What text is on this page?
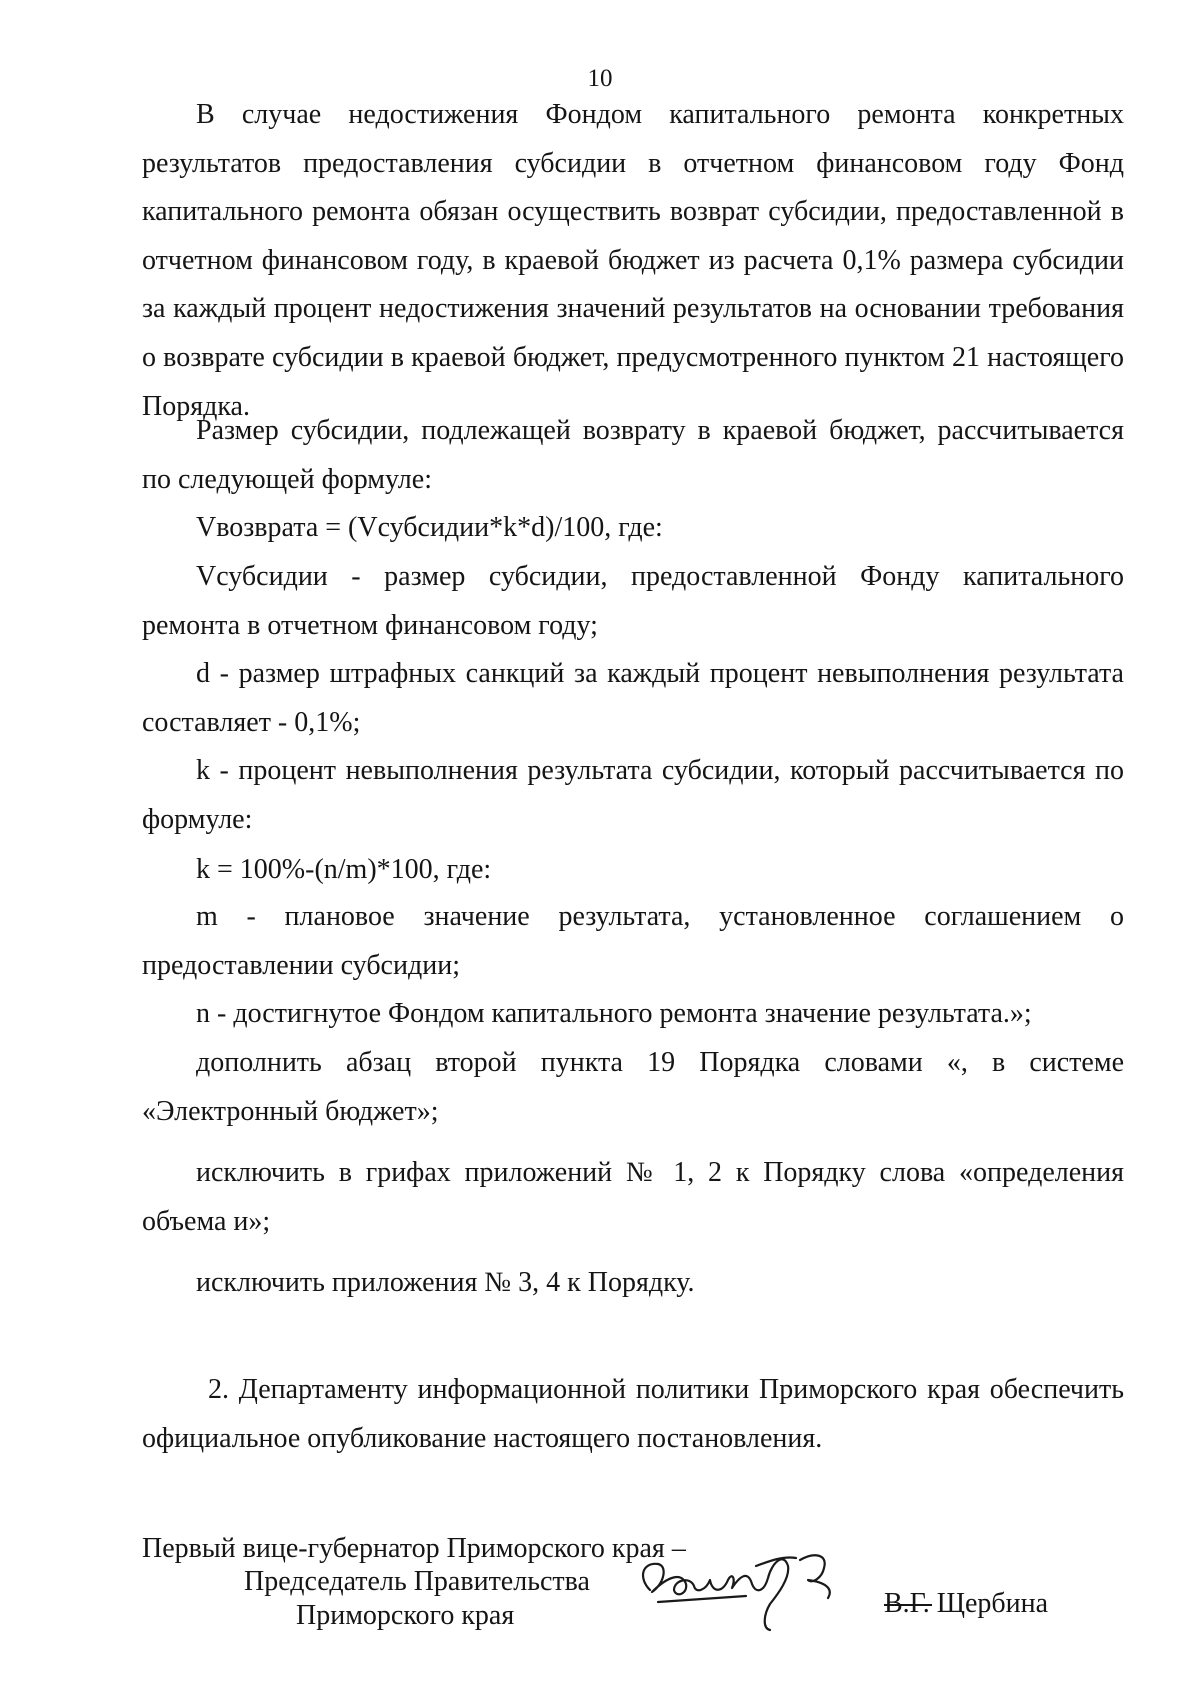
10

В случае недостижения Фондом капитального ремонта конкретных результатов предоставления субсидии в отчетном финансовом году Фонд капитального ремонта обязан осуществить возврат субсидии, предоставленной в отчетном финансовом году, в краевой бюджет из расчета 0,1% размера субсидии за каждый процент недостижения значений результатов на основании требования о возврате субсидии в краевой бюджет, предусмотренного пунктом 21 настоящего Порядка.

Размер субсидии, подлежащей возврату в краевой бюджет, рассчитывается по следующей формуле:

Vвозврата = (Vсубсидии*k*d)/100, где:

Vсубсидии - размер субсидии, предоставленной Фонду капитального ремонта в отчетном финансовом году;

d - размер штрафных санкций за каждый процент невыполнения результата составляет - 0,1%;

k - процент невыполнения результата субсидии, который рассчитывается по формуле:

k = 100%-(n/m)*100, где:

m - плановое значение результата, установленное соглашением о предоставлении субсидии;

n - достигнутое Фондом капитального ремонта значение результата.»;

дополнить абзац второй пункта 19 Порядка словами «, в системе «Электронный бюджет»;

исключить в грифах приложений № 1, 2 к Порядку слова «определения объема и»;

исключить приложения № 3, 4 к Порядку.

2. Департаменту информационной политики Приморского края обеспечить официальное опубликование настоящего постановления.

Первый вице-губернатор Приморского края –
Председатель Правительства
Приморского края	В.Г. Щербина
